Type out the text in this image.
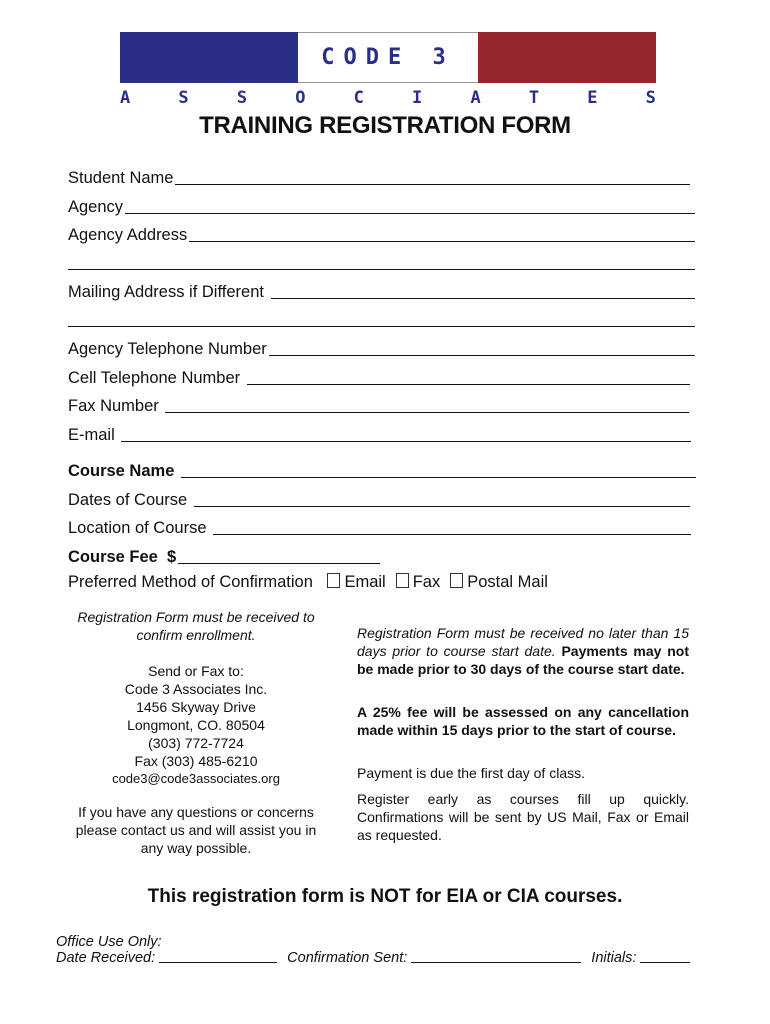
CODE 3
A	S	S	O	C	I	A	T	E	S
TRAINING REGISTRATION FORM
Student Name
Agency
Agency Address
Mailing Address if Different
Agency Telephone Number
Cell Telephone Number
Fax Number
E-mail
Course Name
Dates of Course
Location of Course
Course Fee  $
Preferred Method of Confirmation Email Fax Postal Mail
Registration Form must be received to confirm enrollment.
Send or Fax to:
Code 3 Associates Inc.
1456 Skyway Drive
Longmont, CO. 80504
(303) 772-7724
Fax (303) 485-6210
code3@code3associates.org
If you have any questions or concerns please contact us and will assist you in any way possible.

Registration Form must be received no later than 15 days prior to course start date. Payments may not be made prior to 30 days of the course start date.

A 25% fee will be assessed on any cancellation made within 15 days prior to the start of course.
Payment is due the first day of class.
Register early as courses fill up quickly. Confirmations will be sent by US Mail, Fax or Email as requested.
This registration form is NOT for EIA or CIA courses.
Office Use Only:
Date Received:	Confirmation Sent:	Initials:
